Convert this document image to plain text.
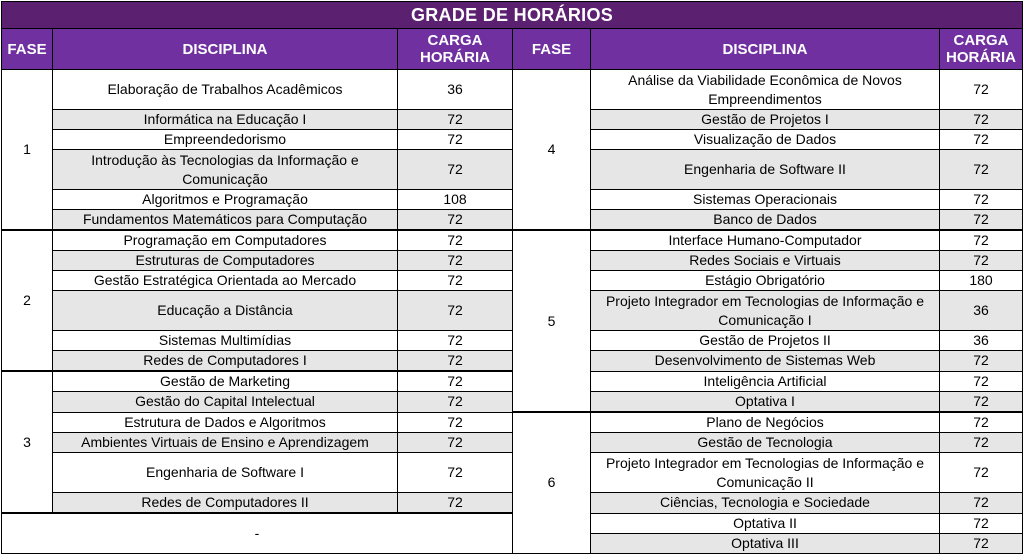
GRADE DE HORÁRIOS					
FASE	DISCIPLINA	CARGA HORÁRIA	FASE	DISCIPLINA	CARGA HORÁRIA
1	Elaboração de Trabalhos Acadêmicos	36	4	Análise da Viabilidade Econômica de Novos Empreendimentos	72
	Informática na Educação I	72		Gestão de Projetos I	72
	Empreendedorismo	72		Visualização de Dados	72
	Introdução às Tecnologias da Informação e Comunicação	72		Engenharia de Software II	72
	Algoritmos e Programação	108		Sistemas Operacionais	72
	Fundamentos Matemáticos para Computação	72		Banco de Dados	72
2	Programação em Computadores	72	5	Interface Humano-Computador	72
	Estruturas de Computadores	72		Redes Sociais e Virtuais	72
	Gestão Estratégica Orientada ao Mercado	72		Estágio Obrigatório	180
	Educação a Distância	72		Projeto Integrador em Tecnologias de Informação e Comunicação I	36
	Sistemas Multimídias	72		Gestão de Projetos II	36
	Redes de Computadores I	72		Desenvolvimento de Sistemas Web	72
3	Gestão de Marketing	72		Inteligência Artificial	72
	Gestão do Capital Intelectual	72		Optativa I	72
	Estrutura de Dados e Algoritmos	72	6	Plano de Negócios	72
	Ambientes Virtuais de Ensino e Aprendizagem	72		Gestão de Tecnologia	72
	Engenharia de Software I	72		Projeto Integrador em Tecnologias de Informação e Comunicação II	72
	Redes de Computadores II	72		Ciências, Tecnologia e Sociedade	72
-				Optativa II	72
				Optativa III	72
